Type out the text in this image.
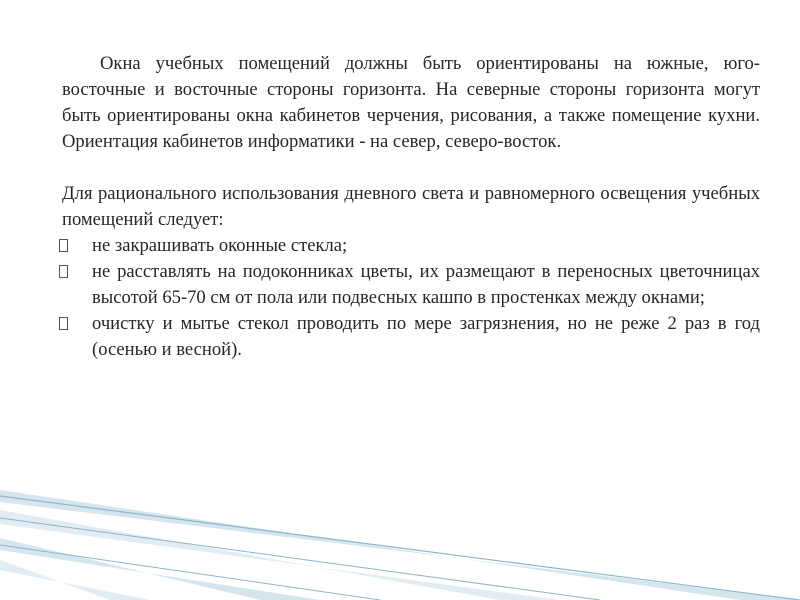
Окна учебных помещений должны быть ориентированы на южные, юго-восточные и восточные стороны горизонта. На северные стороны горизонта могут быть ориентированы окна кабинетов черчения, рисования, а также помещение кухни. Ориентация кабинетов информатики - на север, северо-восток.

Для рационального использования дневного света и равномерного освещения учебных помещений следует:

не закрашивать оконные стекла;
не расставлять на подоконниках цветы, их размещают в переносных цветочницах высотой 65-70 см от пола или подвесных кашпо в простенках между окнами;
очистку и мытье стекол проводить по мере загрязнения, но не реже 2 раз в год (осенью и весной).
